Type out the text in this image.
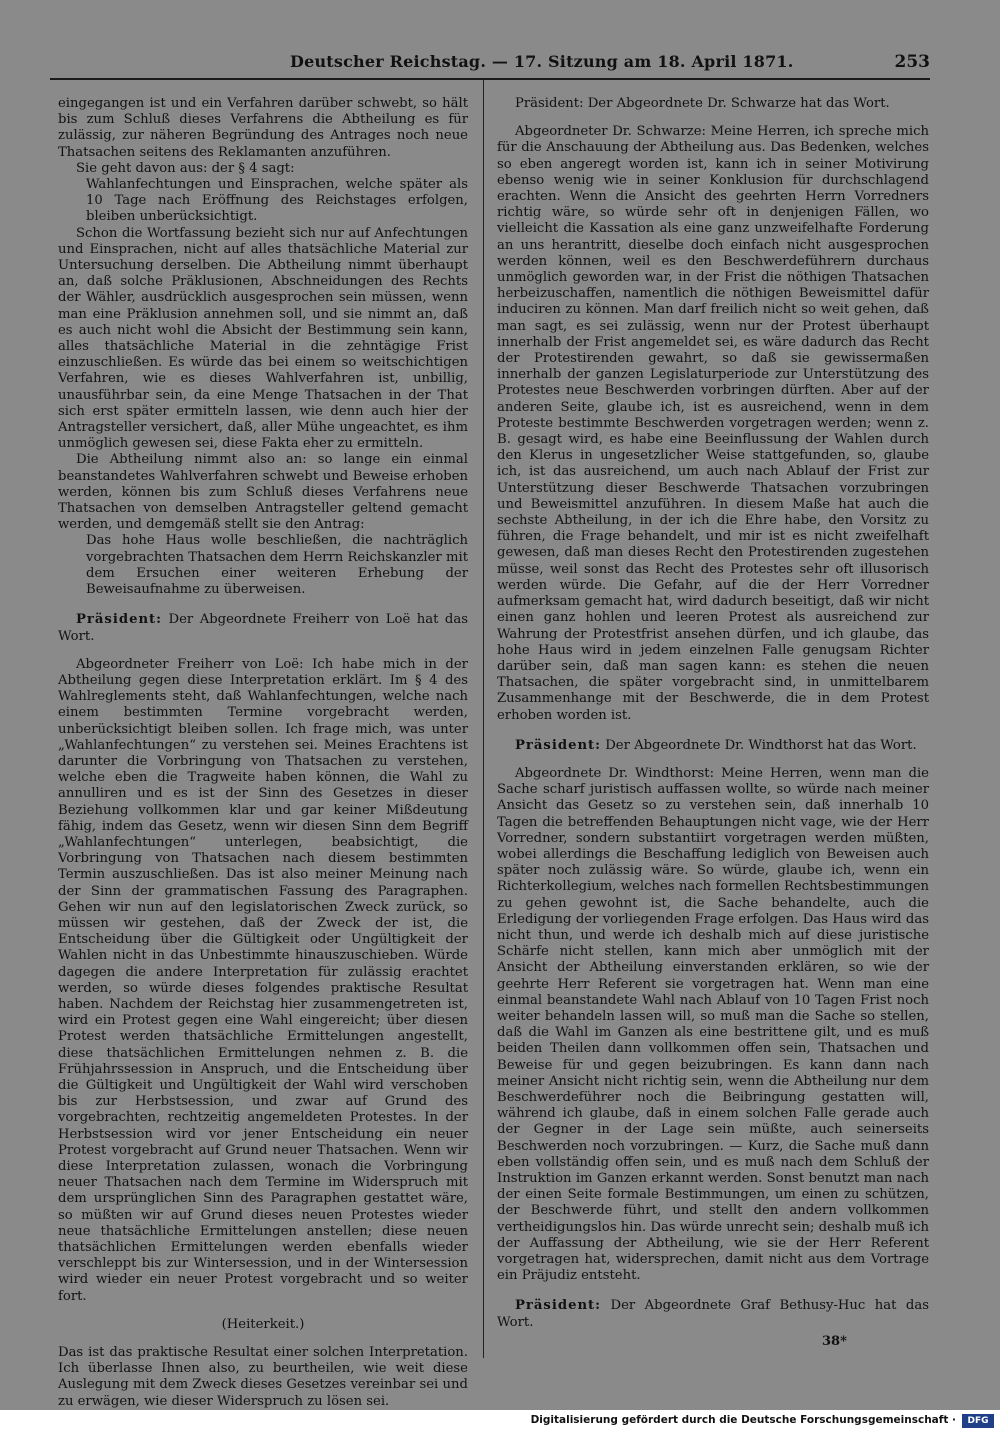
Deutscher Reichstag. — 17. Sitzung am 18. April 1871.	253

eingegangen ist und ein Verfahren darüber schwebt, so hält bis zum Schluß dieses Verfahrens die Abtheilung es für zulässig, zur näheren Begründung des Antrages noch neue Thatsachen seitens des Reklamanten anzuführen.

Sie geht davon aus: der § 4 sagt:

Wahlanfechtungen und Einsprachen, welche später als 10 Tage nach Eröffnung des Reichstages erfolgen, bleiben unberücksichtigt.

Schon die Wortfassung bezieht sich nur auf Anfechtungen und Einsprachen, nicht auf alles thatsächliche Material zur Untersuchung derselben. Die Abtheilung nimmt überhaupt an, daß solche Präklusionen, Abschneidungen des Rechts der Wähler, ausdrücklich ausgesprochen sein müssen, wenn man eine Präklusion annehmen soll, und sie nimmt an, daß es auch nicht wohl die Absicht der Bestimmung sein kann, alles thatsächliche Material in die zehntägige Frist einzuschließen. Es würde das bei einem so weitschichtigen Verfahren, wie es dieses Wahlverfahren ist, unbillig, unausführbar sein, da eine Menge Thatsachen in der That sich erst später ermitteln lassen, wie denn auch hier der Antragsteller versichert, daß, aller Mühe ungeachtet, es ihm unmöglich gewesen sei, diese Fakta eher zu ermitteln.

Die Abtheilung nimmt also an: so lange ein einmal beanstandetes Wahlverfahren schwebt und Beweise erhoben werden, können bis zum Schluß dieses Verfahrens neue Thatsachen von demselben Antragsteller geltend gemacht werden, und demgemäß stellt sie den Antrag:

Das hohe Haus wolle beschließen, die nachträglich vorgebrachten Thatsachen dem Herrn Reichskanzler mit dem Ersuchen einer weiteren Erhebung der Beweisaufnahme zu überweisen.

Präsident: Der Abgeordnete Freiherr von Loë hat das Wort.

Abgeordneter Freiherr von Loë: Ich habe mich in der Abtheilung gegen diese Interpretation erklärt. Im § 4 des Wahlreglements steht, daß Wahlanfechtungen, welche nach einem bestimmten Termine vorgebracht werden, unberücksichtigt bleiben sollen. Ich frage mich, was unter „Wahlanfechtungen“ zu verstehen sei. Meines Erachtens ist darunter die Vorbringung von Thatsachen zu verstehen, welche eben die Tragweite haben können, die Wahl zu annulliren und es ist der Sinn des Gesetzes in dieser Beziehung vollkommen klar und gar keiner Mißdeutung fähig, indem das Gesetz, wenn wir diesen Sinn dem Begriff „Wahlanfechtungen“ unterlegen, beabsichtigt, die Vorbringung von Thatsachen nach diesem bestimmten Termin auszuschließen. Das ist also meiner Meinung nach der Sinn der grammatischen Fassung des Paragraphen. Gehen wir nun auf den legislatorischen Zweck zurück, so müssen wir gestehen, daß der Zweck der ist, die Entscheidung über die Gültigkeit oder Ungültigkeit der Wahlen nicht in das Unbestimmte hinauszuschieben. Würde dagegen die andere Interpretation für zulässig erachtet werden, so würde dieses folgendes praktische Resultat haben. Nachdem der Reichstag hier zusammengetreten ist, wird ein Protest gegen eine Wahl eingereicht; über diesen Protest werden thatsächliche Ermittelungen angestellt, diese thatsächlichen Ermittelungen nehmen z. B. die Frühjahrssession in Anspruch, und die Entscheidung über die Gültigkeit und Ungültigkeit der Wahl wird verschoben bis zur Herbstsession, und zwar auf Grund des vorgebrachten, rechtzeitig angemeldeten Protestes. In der Herbstsession wird vor jener Entscheidung ein neuer Protest vorgebracht auf Grund neuer Thatsachen. Wenn wir diese Interpretation zulassen, wonach die Vorbringung neuer Thatsachen nach dem Termine im Widerspruch mit dem ursprünglichen Sinn des Paragraphen gestattet wäre, so müßten wir auf Grund dieses neuen Protestes wieder neue thatsächliche Ermittelungen anstellen; diese neuen thatsächlichen Ermittelungen werden ebenfalls wieder verschleppt bis zur Wintersession, und in der Wintersession wird wieder ein neuer Protest vorgebracht und so weiter fort.

(Heiterkeit.)

Das ist das praktische Resultat einer solchen Interpretation. Ich überlasse Ihnen also, zu beurtheilen, wie weit diese Auslegung mit dem Zweck dieses Gesetzes vereinbar sei und zu erwägen, wie dieser Widerspruch zu lösen sei.

Präsident: Der Abgeordnete Dr. Schwarze hat das Wort.

Abgeordneter Dr. Schwarze: Meine Herren, ich spreche mich für die Anschauung der Abtheilung aus. Das Bedenken, welches so eben angeregt worden ist, kann ich in seiner Motivirung ebenso wenig wie in seiner Konklusion für durchschlagend erachten. Wenn die Ansicht des geehrten Herrn Vorredners richtig wäre, so würde sehr oft in denjenigen Fällen, wo vielleicht die Kassation als eine ganz unzweifelhafte Forderung an uns herantritt, dieselbe doch einfach nicht ausgesprochen werden können, weil es den Beschwerdeführern durchaus unmöglich geworden war, in der Frist die nöthigen Thatsachen herbeizuschaffen, namentlich die nöthigen Beweismittel dafür induciren zu können. Man darf freilich nicht so weit gehen, daß man sagt, es sei zulässig, wenn nur der Protest überhaupt innerhalb der Frist angemeldet sei, es wäre dadurch das Recht der Protestirenden gewahrt, so daß sie gewissermaßen innerhalb der ganzen Legislaturperiode zur Unterstützung des Protestes neue Beschwerden vorbringen dürften. Aber auf der anderen Seite, glaube ich, ist es ausreichend, wenn in dem Proteste bestimmte Beschwerden vorgetragen werden; wenn z. B. gesagt wird, es habe eine Beeinflussung der Wahlen durch den Klerus in ungesetzlicher Weise stattgefunden, so, glaube ich, ist das ausreichend, um auch nach Ablauf der Frist zur Unterstützung dieser Beschwerde Thatsachen vorzubringen und Beweismittel anzuführen. In diesem Maße hat auch die sechste Abtheilung, in der ich die Ehre habe, den Vorsitz zu führen, die Frage behandelt, und mir ist es nicht zweifelhaft gewesen, daß man dieses Recht den Protestirenden zugestehen müsse, weil sonst das Recht des Protestes sehr oft illusorisch werden würde. Die Gefahr, auf die der Herr Vorredner aufmerksam gemacht hat, wird dadurch beseitigt, daß wir nicht einen ganz hohlen und leeren Protest als ausreichend zur Wahrung der Protestfrist ansehen dürfen, und ich glaube, das hohe Haus wird in jedem einzelnen Falle genugsam Richter darüber sein, daß man sagen kann: es stehen die neuen Thatsachen, die später vorgebracht sind, in unmittelbarem Zusammenhange mit der Beschwerde, die in dem Protest erhoben worden ist.

Präsident: Der Abgeordnete Dr. Windthorst hat das Wort.

Abgeordnete Dr. Windthorst: Meine Herren, wenn man die Sache scharf juristisch auffassen wollte, so würde nach meiner Ansicht das Gesetz so zu verstehen sein, daß innerhalb 10 Tagen die betreffenden Behauptungen nicht vage, wie der Herr Vorredner, sondern substantiirt vorgetragen werden müßten, wobei allerdings die Beschaffung lediglich von Beweisen auch später noch zulässig wäre. So würde, glaube ich, wenn ein Richterkollegium, welches nach formellen Rechtsbestimmungen zu gehen gewohnt ist, die Sache behandelte, auch die Erledigung der vorliegenden Frage erfolgen. Das Haus wird das nicht thun, und werde ich deshalb mich auf diese juristische Schärfe nicht stellen, kann mich aber unmöglich mit der Ansicht der Abtheilung einverstanden erklären, so wie der geehrte Herr Referent sie vorgetragen hat. Wenn man eine einmal beanstandete Wahl nach Ablauf von 10 Tagen Frist noch weiter behandeln lassen will, so muß man die Sache so stellen, daß die Wahl im Ganzen als eine bestrittene gilt, und es muß beiden Theilen dann vollkommen offen sein, Thatsachen und Beweise für und gegen beizubringen. Es kann dann nach meiner Ansicht nicht richtig sein, wenn die Abtheilung nur dem Beschwerdeführer noch die Beibringung gestatten will, während ich glaube, daß in einem solchen Falle gerade auch der Gegner in der Lage sein müßte, auch seinerseits Beschwerden noch vorzubringen. — Kurz, die Sache muß dann eben vollständig offen sein, und es muß nach dem Schluß der Instruktion im Ganzen erkannt werden. Sonst benutzt man nach der einen Seite formale Bestimmungen, um einen zu schützen, der Beschwerde führt, und stellt den andern vollkommen vertheidigungslos hin. Das würde unrecht sein; deshalb muß ich der Auffassung der Abtheilung, wie sie der Herr Referent vorgetragen hat, widersprechen, damit nicht aus dem Vortrage ein Präjudiz entsteht.

Präsident: Der Abgeordnete Graf Bethusy-Huc hat das Wort.

38*
Digitalisierung gefördert durch die Deutsche Forschungsgemeinschaft ·	DFG
